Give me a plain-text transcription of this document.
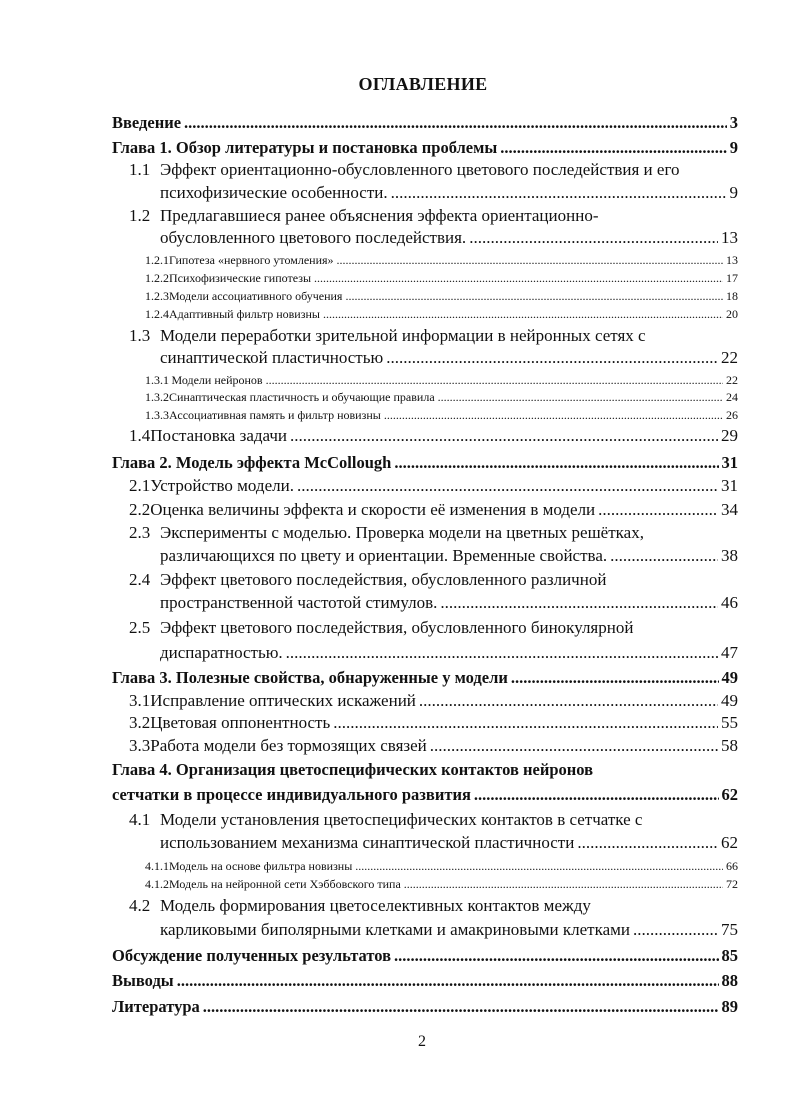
ОГЛАВЛЕНИЕ
Введение .....	3
Глава 1. Обзор литературы и постановка проблемы .....	9
1.1 Эффект ориентационно-обусловленного цветового последействия и его
психофизические особенности. .....	9
1.2 Предлагавшиеся ранее объяснения эффекта ориентационно-
обусловленного цветового последействия. .....	13
1.2.1 Гипотеза «нервного утомления» .....	13
1.2.2 Психофизические гипотезы .....	17
1.2.3 Модели ассоциативного обучения .....	18
1.2.4 Адаптивный фильтр новизны .....	20
1.3 Модели переработки зрительной информации в нейронных сетях с
синаптической пластичностью .....	22
1.3.1 Модели нейронов .....	22
1.3.2 Синаптическая пластичность и обучающие правила .....	24
1.3.3 Ассоциативная память и фильтр новизны .....	26
1.4 Постановка задачи .....	29
Глава 2. Модель эффекта McCollough .....	31
2.1 Устройство модели. .....	31
2.2 Оценка величины эффекта и скорости её изменения в модели .....	34
2.3 Эксперименты с моделью. Проверка модели на цветных решётках,
различающихся по цвету и ориентации. Временные свойства. .....	38
2.4 Эффект цветового последействия, обусловленного различной
пространственной частотой стимулов. .....	46
2.5 Эффект цветового последействия, обусловленного бинокулярной
диспаратностью. .....	47
Глава 3. Полезные свойства, обнаруженные у модели .....	49
3.1 Исправление оптических искажений .....	49
3.2 Цветовая оппонентность .....	55
3.3 Работа модели без тормозящих связей .....	58
Глава 4. Организация цветоспецифических контактов нейронов
сетчатки в процессе индивидуального развития .....	62
4.1 Модели установления цветоспецифических контактов в сетчатке с
использованием механизма синаптической пластичности .....	62
4.1.1 Модель на основе фильтра новизны .....	66
4.1.2 Модель на нейронной сети Хэббовского типа .....	72
4.2 Модель формирования цветоселективных контактов между
карликовыми биполярными клетками и амакриновыми клетками .....	75
Обсуждение полученных результатов .....	85
Выводы .....	88
Литература .....	89
2
